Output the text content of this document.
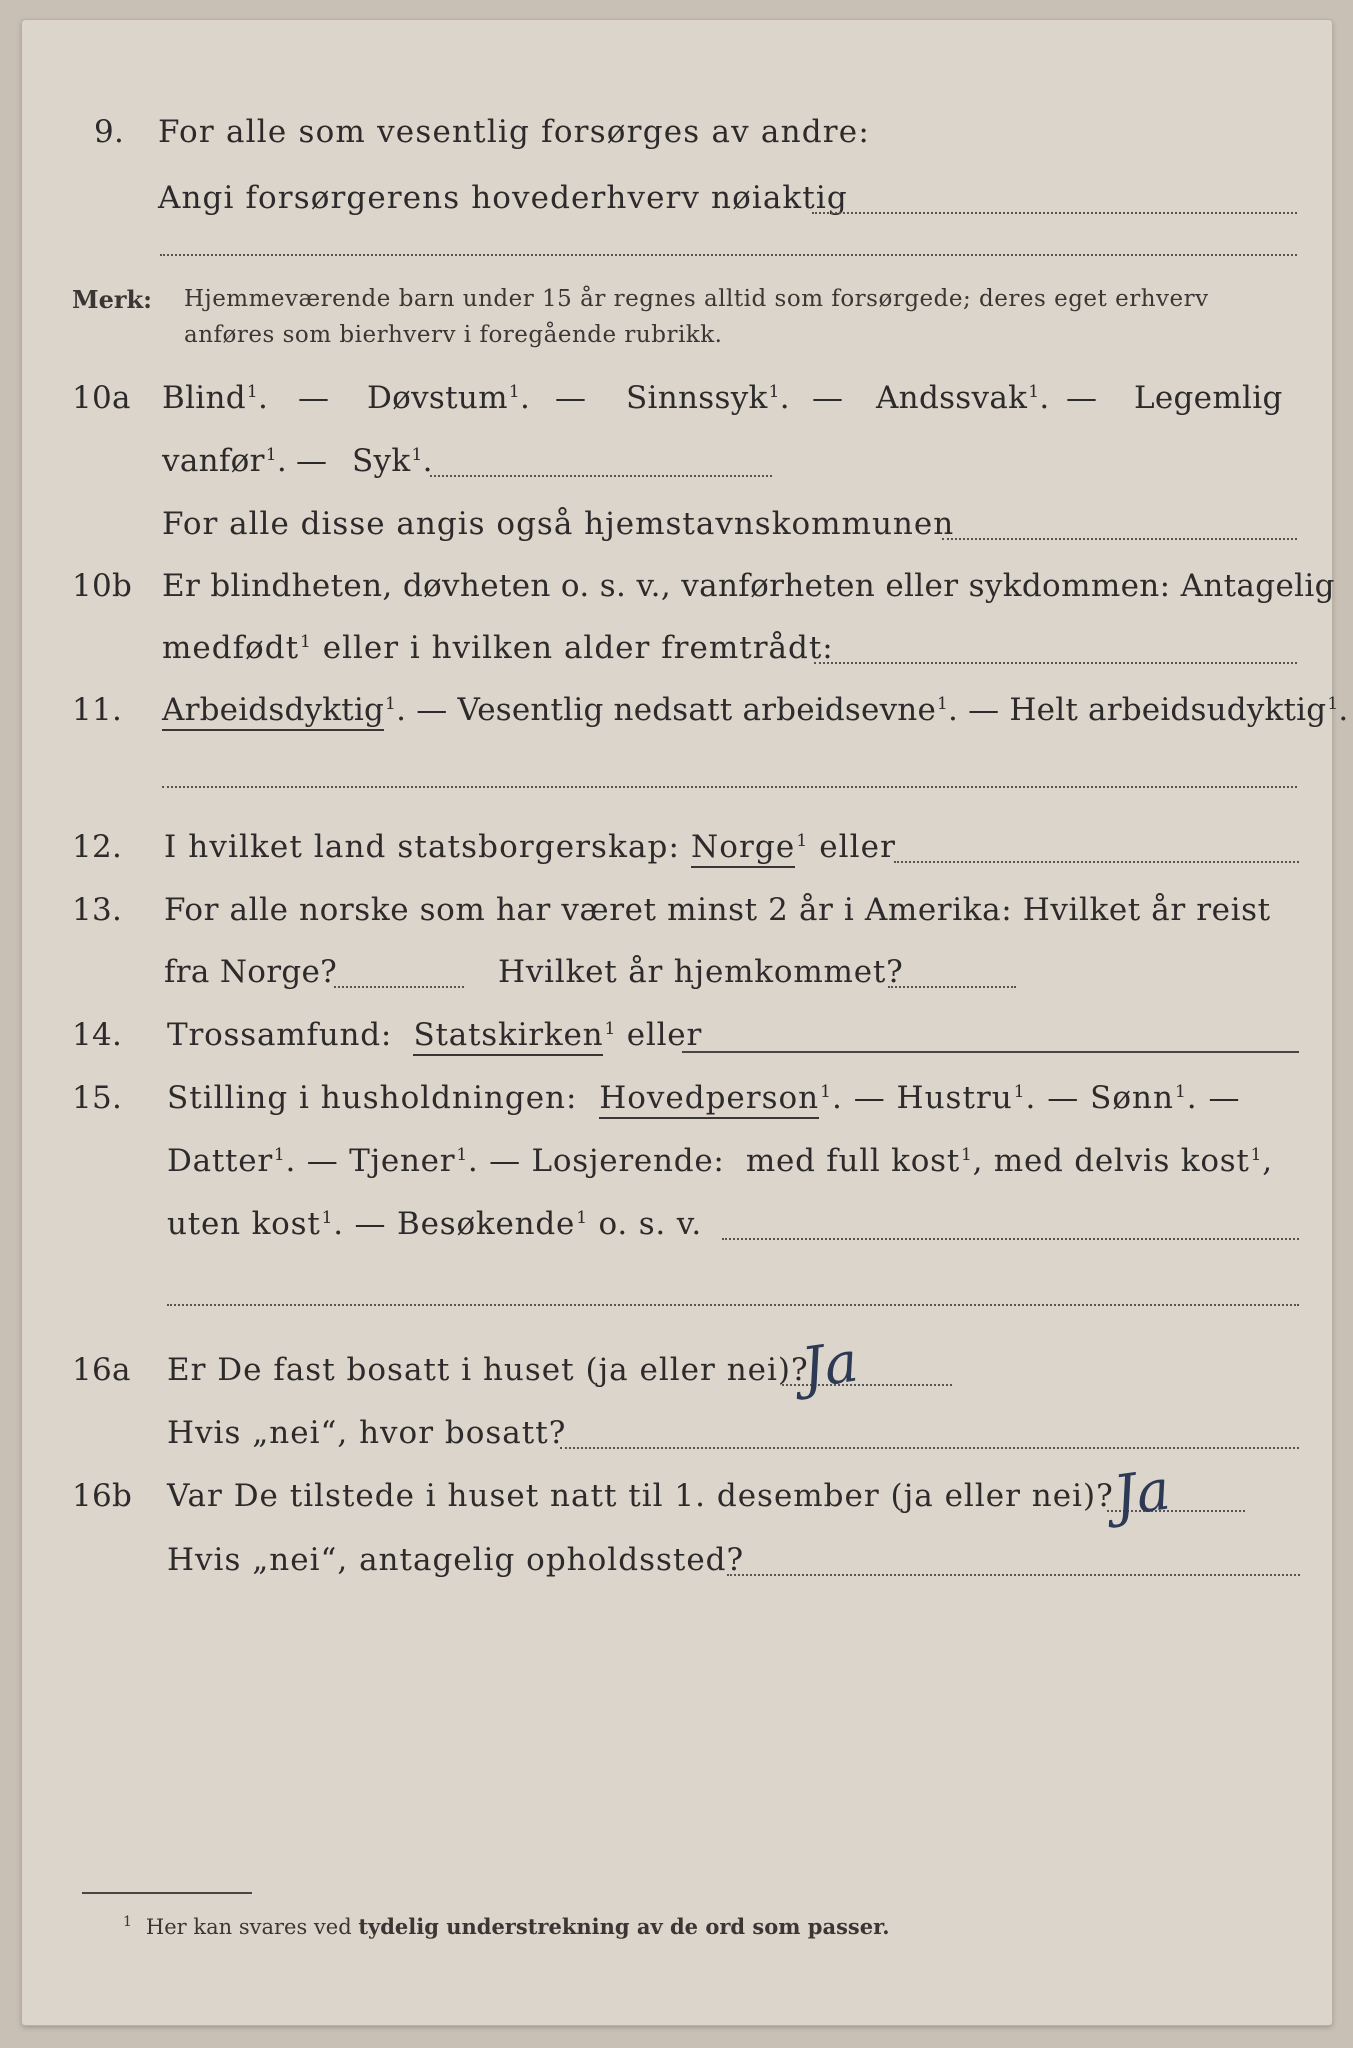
9. For alle som vesentlig forsørges av andre:
Angi forsørgerens hovederhverv nøiaktig
Merk: Hjemmeværende barn under 15 år regnes alltid som forsørgede; deres eget erhverv
anføres som bierhverv i foregående rubrikk.
10a Blind$^1$. — Døvstum$^1$. — Sinnssyk$^1$. — Andssvak$^1$. — Legemlig
vanfør$^1$. — Syk$^1$.
For alle disse angis også hjemstavnskommunen
10b Er blindheten, døvheten o. s. v., vanførheten eller sykdommen: Antagelig
medfødt$^1$ eller i hvilken alder fremtrådt:
11. Arbeidsdyktig$^1$. — Vesentlig nedsatt arbeidsevne$^1$. — Helt arbeidsudyktig$^1$.
12. I hvilket land statsborgerskap: Norge$^1$ eller
13. For alle norske som har været minst 2 år i Amerika: Hvilket år reist
fra Norge?	Hvilket år hjemkommet?
14. Trossamfund: Statskirken$^1$ eller
15. Stilling i husholdningen: Hovedperson$^1$. — Hustru$^1$. — Sønn$^1$. —
Datter$^1$. — Tjener$^1$. — Losjerende: med full kost$^1$, med delvis kost$^1$,
uten kost$^1$. — Besøkende$^1$ o. s. v.
16a Er De fast bosatt i huset (ja eller nei)?
Ja
Hvis „nei“, hvor bosatt?
16b Var De tilstede i huset natt til 1. desember (ja eller nei)?
Ja
Hvis „nei“, antagelig opholdssted?
$^1$ Her kan svares ved tydelig understrekning av de ord som passer.
